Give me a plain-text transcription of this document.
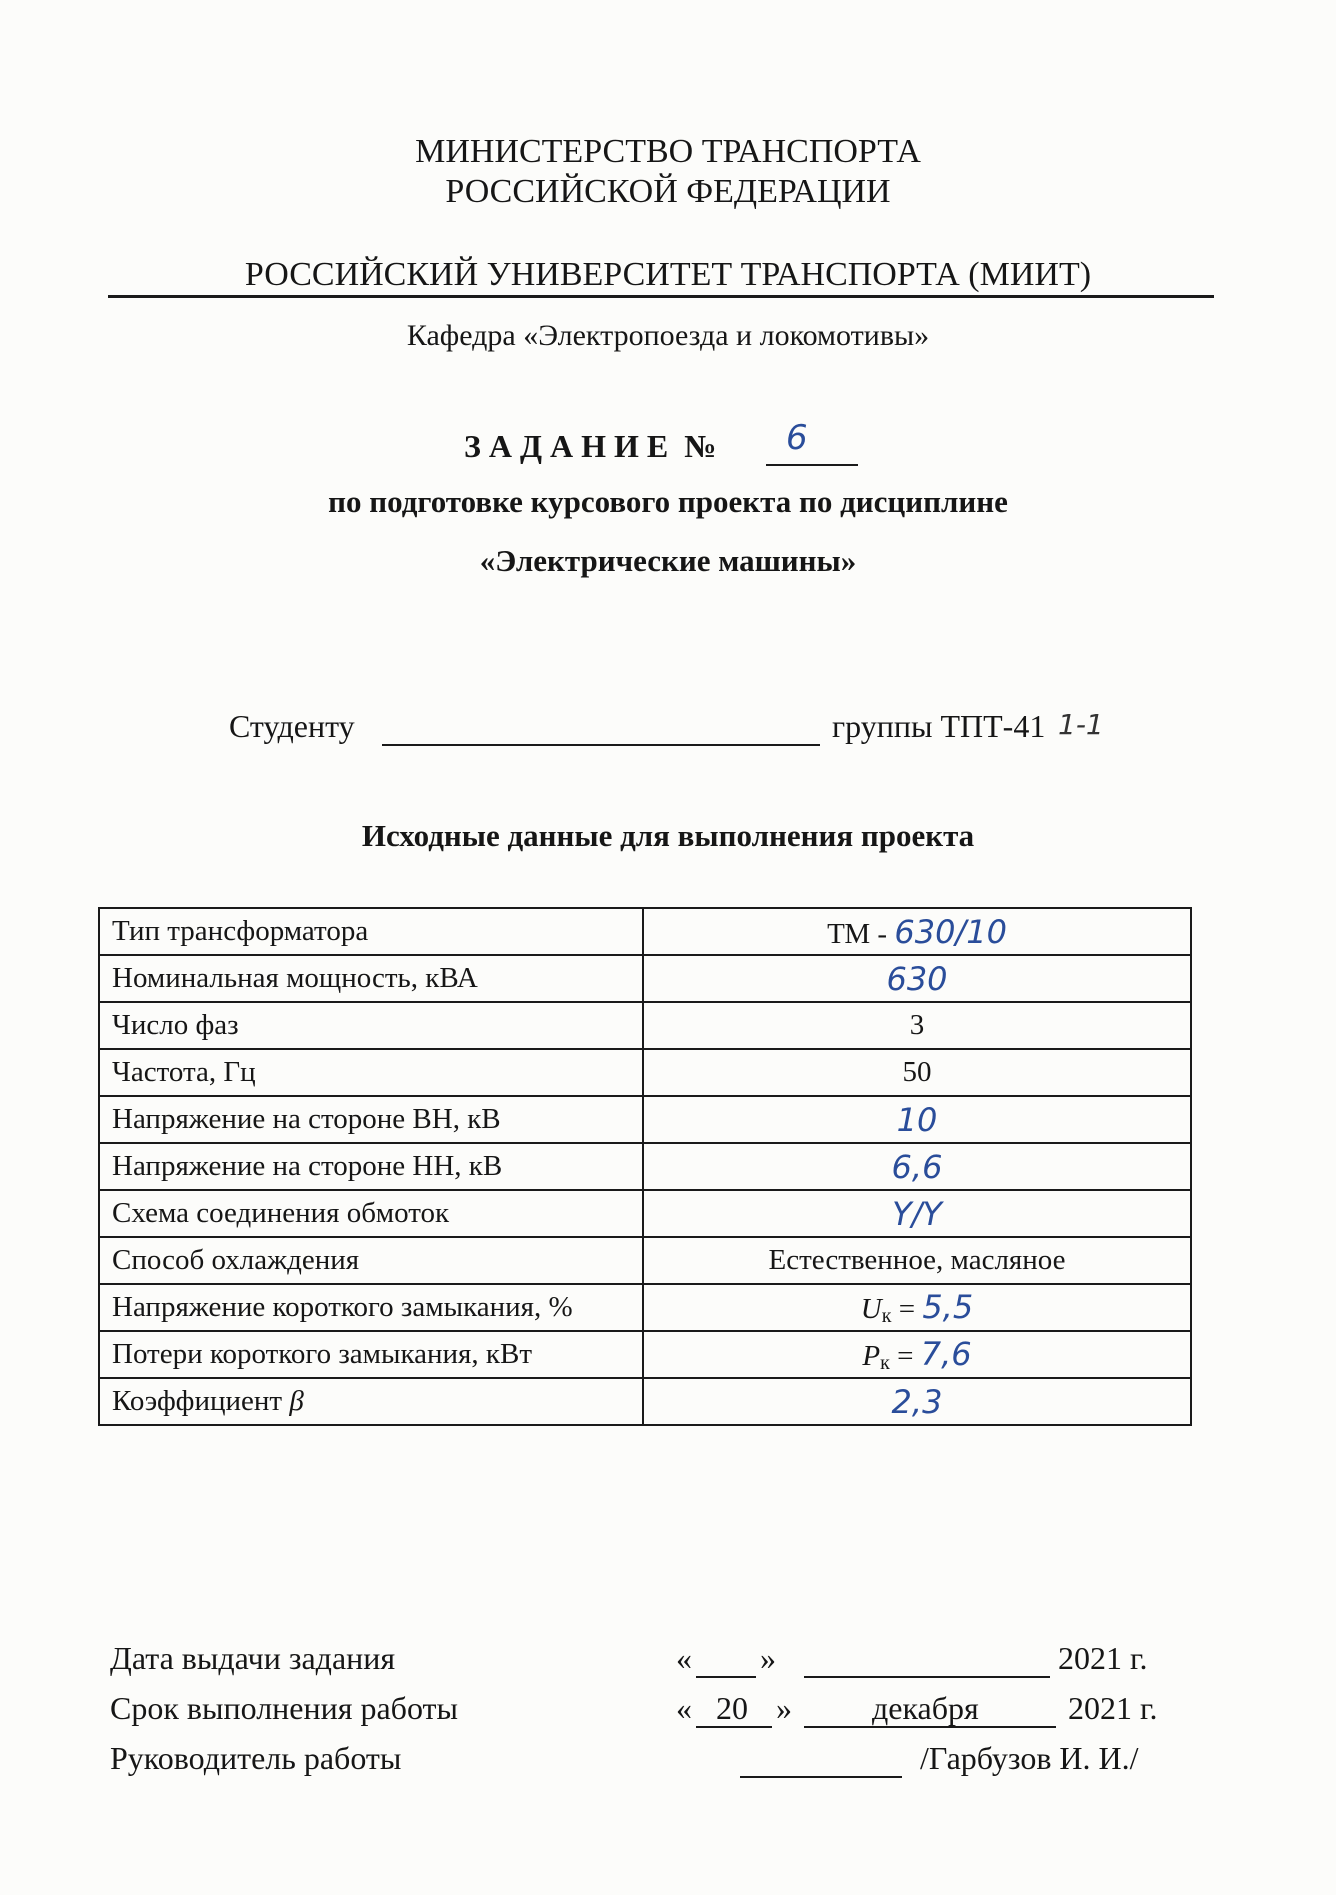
МИНИСТЕРСТВО ТРАНСПОРТА
РОССИЙСКОЙ ФЕДЕРАЦИИ
РОССИЙСКИЙ УНИВЕРСИТЕТ ТРАНСПОРТА (МИИТ)
Кафедра «Электропоезда и локомотивы»
З А Д А Н И Е  № 6
по подготовке курсового проекта по дисциплине
«Электрические машины»
Студенту	группы ТПТ-41 1-1
Исходные данные для выполнения проекта
Тип трансформатора	ТМ - 630/10
Номинальная мощность, кВА	630
Число фаз	3
Частота, Гц	50
Напряжение на стороне ВН, кВ	10
Напряжение на стороне НН, кВ	6,6
Схема соединения обмоток	Y/Y
Способ охлаждения	Естественное, масляное
Напряжение короткого замыкания, %	$U_к = 5,5$
Потери короткого замыкания, кВт	$P_к = 7,6$
Коэффициент β	2,3
Дата выдачи задания	« »	2021 г.
Срок выполнения работы	« 20 »	декабря	2021 г.
Руководитель работы	/Гарбузов И. И./
